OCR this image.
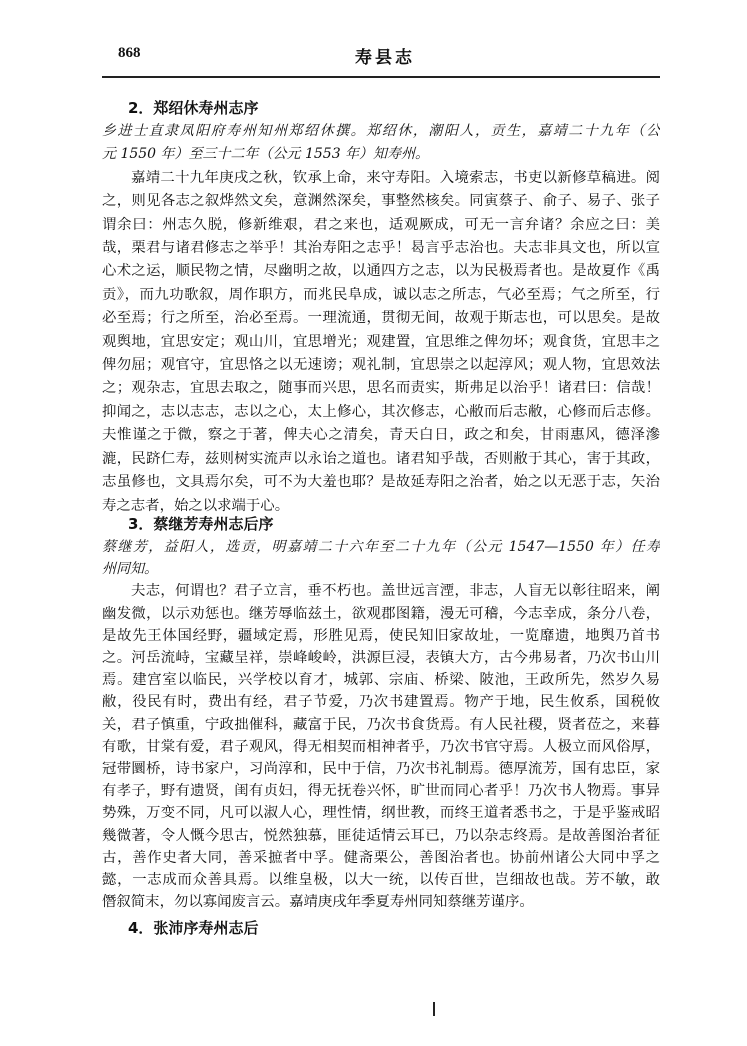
868	寿县志
2．郑绍休寿州志序
乡进士直隶凤阳府寿州知州郑绍休撰。郑绍休，潮阳人，贡生，嘉靖二十九年（公
元 1550 年）至三十二年（公元 1553 年）知寿州。
嘉靖二十九年庚戌之秋，钦承上命，来守寿阳。入境索志，书吏以新修草稿进。阅
之，则见各志之叙烨然文矣，意渊然深矣，事整然核矣。同寅蔡子、俞子、易子、张子
谓余曰：州志久脱，修新维艰，君之来也，适观厥成，可无一言弁诸？余应之曰：美
哉，栗君与诸君修志之举乎！其治寿阳之志乎！曷言乎志治也。夫志非具文也，所以宣
心术之运，顺民物之情，尽幽明之故，以通四方之志，以为民极焉者也。是故夏作《禹
贡》，而九功歌叙，周作职方，而兆民阜成，诚以志之所志，气必至焉；气之所至，行
必至焉；行之所至，治必至焉。一理流通，贯彻无间，故观于斯志也，可以思矣。是故
观舆地，宜思安定；观山川，宜思增光；观建置，宜思维之俾勿坏；观食货，宜思丰之
俾勿屈；观官守，宜思恪之以无速谤；观礼制，宜思崇之以起淳风；观人物，宜思效法
之；观杂志，宜思去取之，随事而兴思，思名而责实，斯弗足以治乎！诸君曰：信哉！
抑闻之，志以志志，志以之心，太上修心，其次修志，心敝而后志敝，心修而后志修。
夫惟谨之于微，察之于著，俾夫心之清矣，青天白日，政之和矣，甘雨惠风，德泽滲
漉，民跻仁寿，兹则树实流声以永诒之道也。诸君知乎哉，否则敝于其心，害于其政，
志虽修也，文具焉尔矣，可不为大羞也耶？是故延寿阳之治者，始之以无恶于志，矢治
寿之志者，始之以求端于心。
3．蔡继芳寿州志后序
蔡继芳，益阳人，选贡，明嘉靖二十六年至二十九年（公元 1547—1550 年）任寿
州同知。
夫志，何谓也？君子立言，垂不朽也。盖世远言湮，非志，人盲无以彰往昭来，阐
幽发微，以示劝惩也。继芳辱临兹土，欲观郡图籍，漫无可稽，今志幸成，条分八卷，
是故先王体国经野，疆域定焉，形胜见焉，使民知旧家故址，一览靡遗，地舆乃首书
之。河岳流峙，宝藏呈祥，崇峰峻岭，洪源巨浸，表镇大方，古今弗易者，乃次书山川
焉。建宫室以临民，兴学校以育才，城郭、宗庙、桥梁、陂池，王政所先，然岁久易
敝，役民有时，费出有经，君子节爱，乃次书建置焉。物产于地，民生攸系，国税攸
关，君子慎重，宁政拙催科，藏富于民，乃次书食货焉。有人民社稷，贤者莅之，来暮
有歌，甘棠有爱，君子观风，得无相契而相神者乎，乃次书官守焉。人极立而风俗厚，
冠带圜桥，诗书家户，习尚淳和，民中于信，乃次书礼制焉。德厚流芳，国有忠臣，家
有孝子，野有遗贤，闺有贞妇，得无抚卷兴怀，旷世而同心者乎！乃次书人物焉。事异
势殊，万变不同，凡可以淑人心，理性情，纲世教，而终王道者悉书之，于是乎鉴戒昭
幾微著，令人慨今思古，悦然独慕，匪徒适情云耳已，乃以杂志终焉。是故善图治者征
古，善作史者大同，善采摭者中孚。健斋栗公，善图治者也。协前州诸公大同中孚之
懿，一志成而众善具焉。以维皇极，以大一统，以传百世，岂细故也哉。芳不敏，敢
僭叙简末，勿以寡闻废言云。嘉靖庚戌年季夏寿州同知蔡继芳谨序。
4．张沛序寿州志后
